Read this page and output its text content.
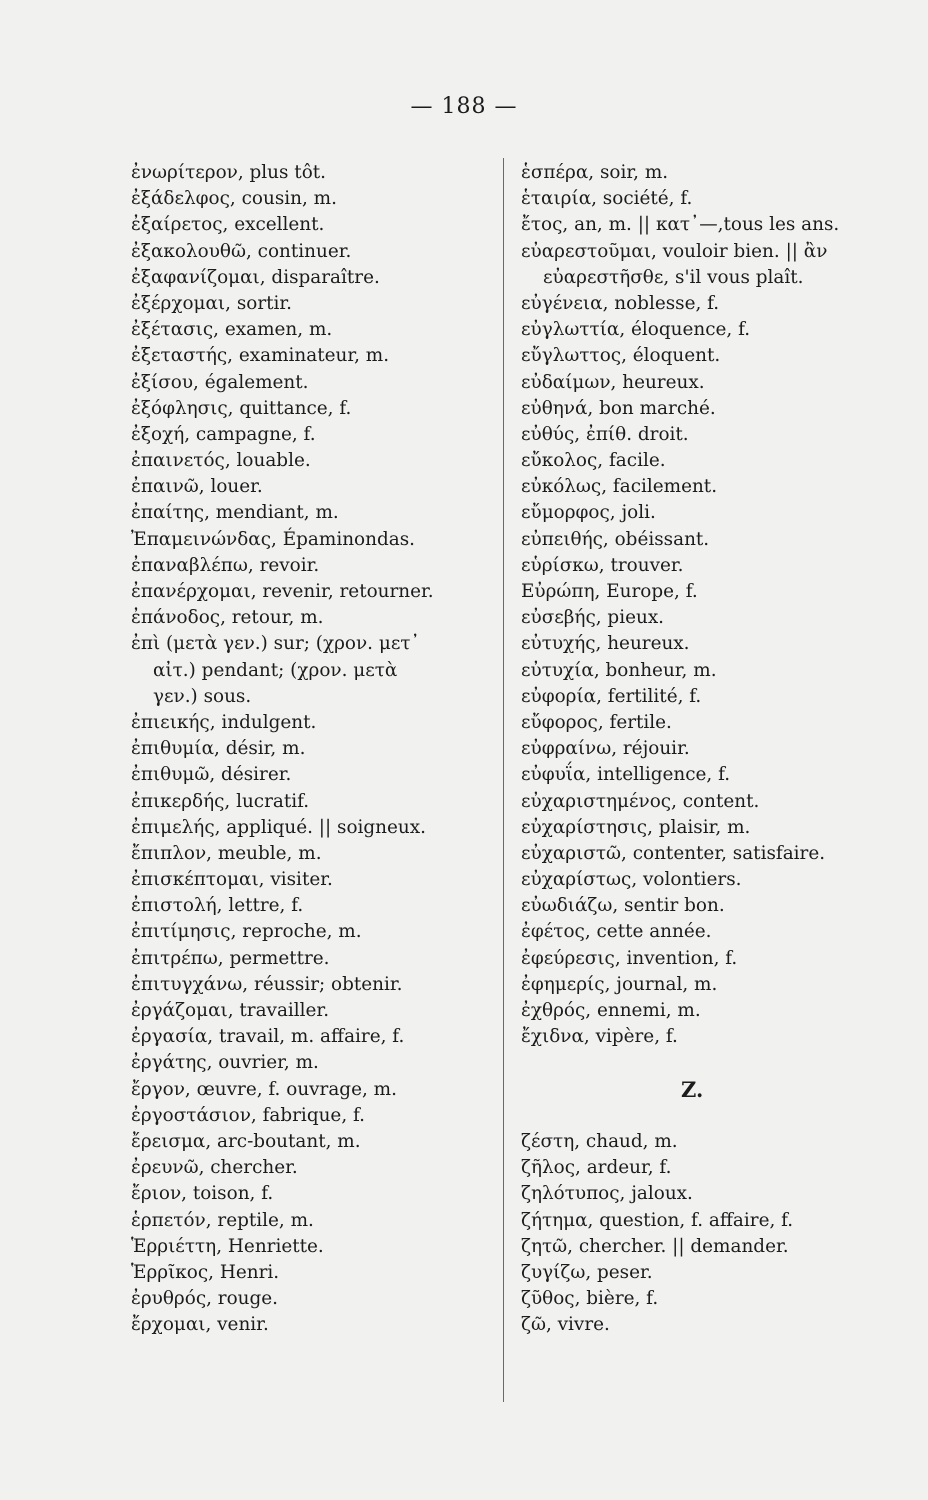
— 188 —
ἐνωρίτερον, plus tôt.
ἐξάδελφος, cousin, m.
ἐξαίρετος, excellent.
ἐξακολουθῶ, continuer.
ἐξαφανίζομαι, disparaître.
ἐξέρχομαι, sortir.
ἐξέτασις, examen, m.
ἐξεταστής, examinateur, m.
ἐξίσου, également.
ἐξόφλησις, quittance, f.
ἐξοχή, campagne, f.
ἐπαινετός, louable.
ἐπαινῶ, louer.
ἐπαίτης, mendiant, m.
Ἐπαμεινώνδας, Épaminondas.
ἐπαναβλέπω, revoir.
ἐπανέρχομαι, revenir, retourner.
ἐπάνοδος, retour, m.
ἐπὶ (μετὰ γεν.) sur; (χρον. μετ᾽
αἰτ.) pendant; (χρον. μετὰ
γεν.) sous.
ἐπιεικής, indulgent.
ἐπιθυμία, désir, m.
ἐπιθυμῶ, désirer.
ἐπικερδής, lucratif.
ἐπιμελής, appliqué. || soigneux.
ἔπιπλον, meuble, m.
ἐπισκέπτομαι, visiter.
ἐπιστολή, lettre, f.
ἐπιτίμησις, reproche, m.
ἐπιτρέπω, permettre.
ἐπιτυγχάνω, réussir; obtenir.
ἐργάζομαι, travailler.
ἐργασία, travail, m. affaire, f.
ἐργάτης, ouvrier, m.
ἔργον, œuvre, f. ouvrage, m.
ἐργοστάσιον, fabrique, f.
ἔρεισμα, arc-boutant, m.
ἐρευνῶ, chercher.
ἔριον, toison, f.
ἑρπετόν, reptile, m.
Ἑρριέττη, Henriette.
Ἑρρῖκος, Henri.
ἐρυθρός, rouge.
ἔρχομαι, venir.
ἑσπέρα, soir, m.
ἑταιρία, société, f.
ἔτος, an, m. || κατ᾽—,tous les ans.
εὐαρεστοῦμαι, vouloir bien. || ἂν
εὐαρεστῆσθε, s'il vous plaît.
εὐγένεια, noblesse, f.
εὐγλωττία, éloquence, f.
εὔγλωττος, éloquent.
εὐδαίμων, heureux.
εὐθηνά, bon marché.
εὐθύς, ἐπίθ. droit.
εὔκολος, facile.
εὐκόλως, facilement.
εὔμορφος, joli.
εὐπειθής, obéissant.
εὑρίσκω, trouver.
Εὐρώπη, Europe, f.
εὐσεβής, pieux.
εὐτυχής, heureux.
εὐτυχία, bonheur, m.
εὐφορία, fertilité, f.
εὔφορος, fertile.
εὐφραίνω, réjouir.
εὐφυΐα, intelligence, f.
εὐχαριστημένος, content.
εὐχαρίστησις, plaisir, m.
εὐχαριστῶ, contenter, satisfaire.
εὐχαρίστως, volontiers.
εὐωδιάζω, sentir bon.
ἐφέτος, cette année.
ἐφεύρεσις, invention, f.
ἐφημερίς, journal, m.
ἐχθρός, ennemi, m.
ἔχιδνα, vipère, f.
Z.
ζέστη, chaud, m.
ζῆλος, ardeur, f.
ζηλότυπος, jaloux.
ζήτημα, question, f. affaire, f.
ζητῶ, chercher. || demander.
ζυγίζω, peser.
ζῦθος, bière, f.
ζῶ, vivre.
